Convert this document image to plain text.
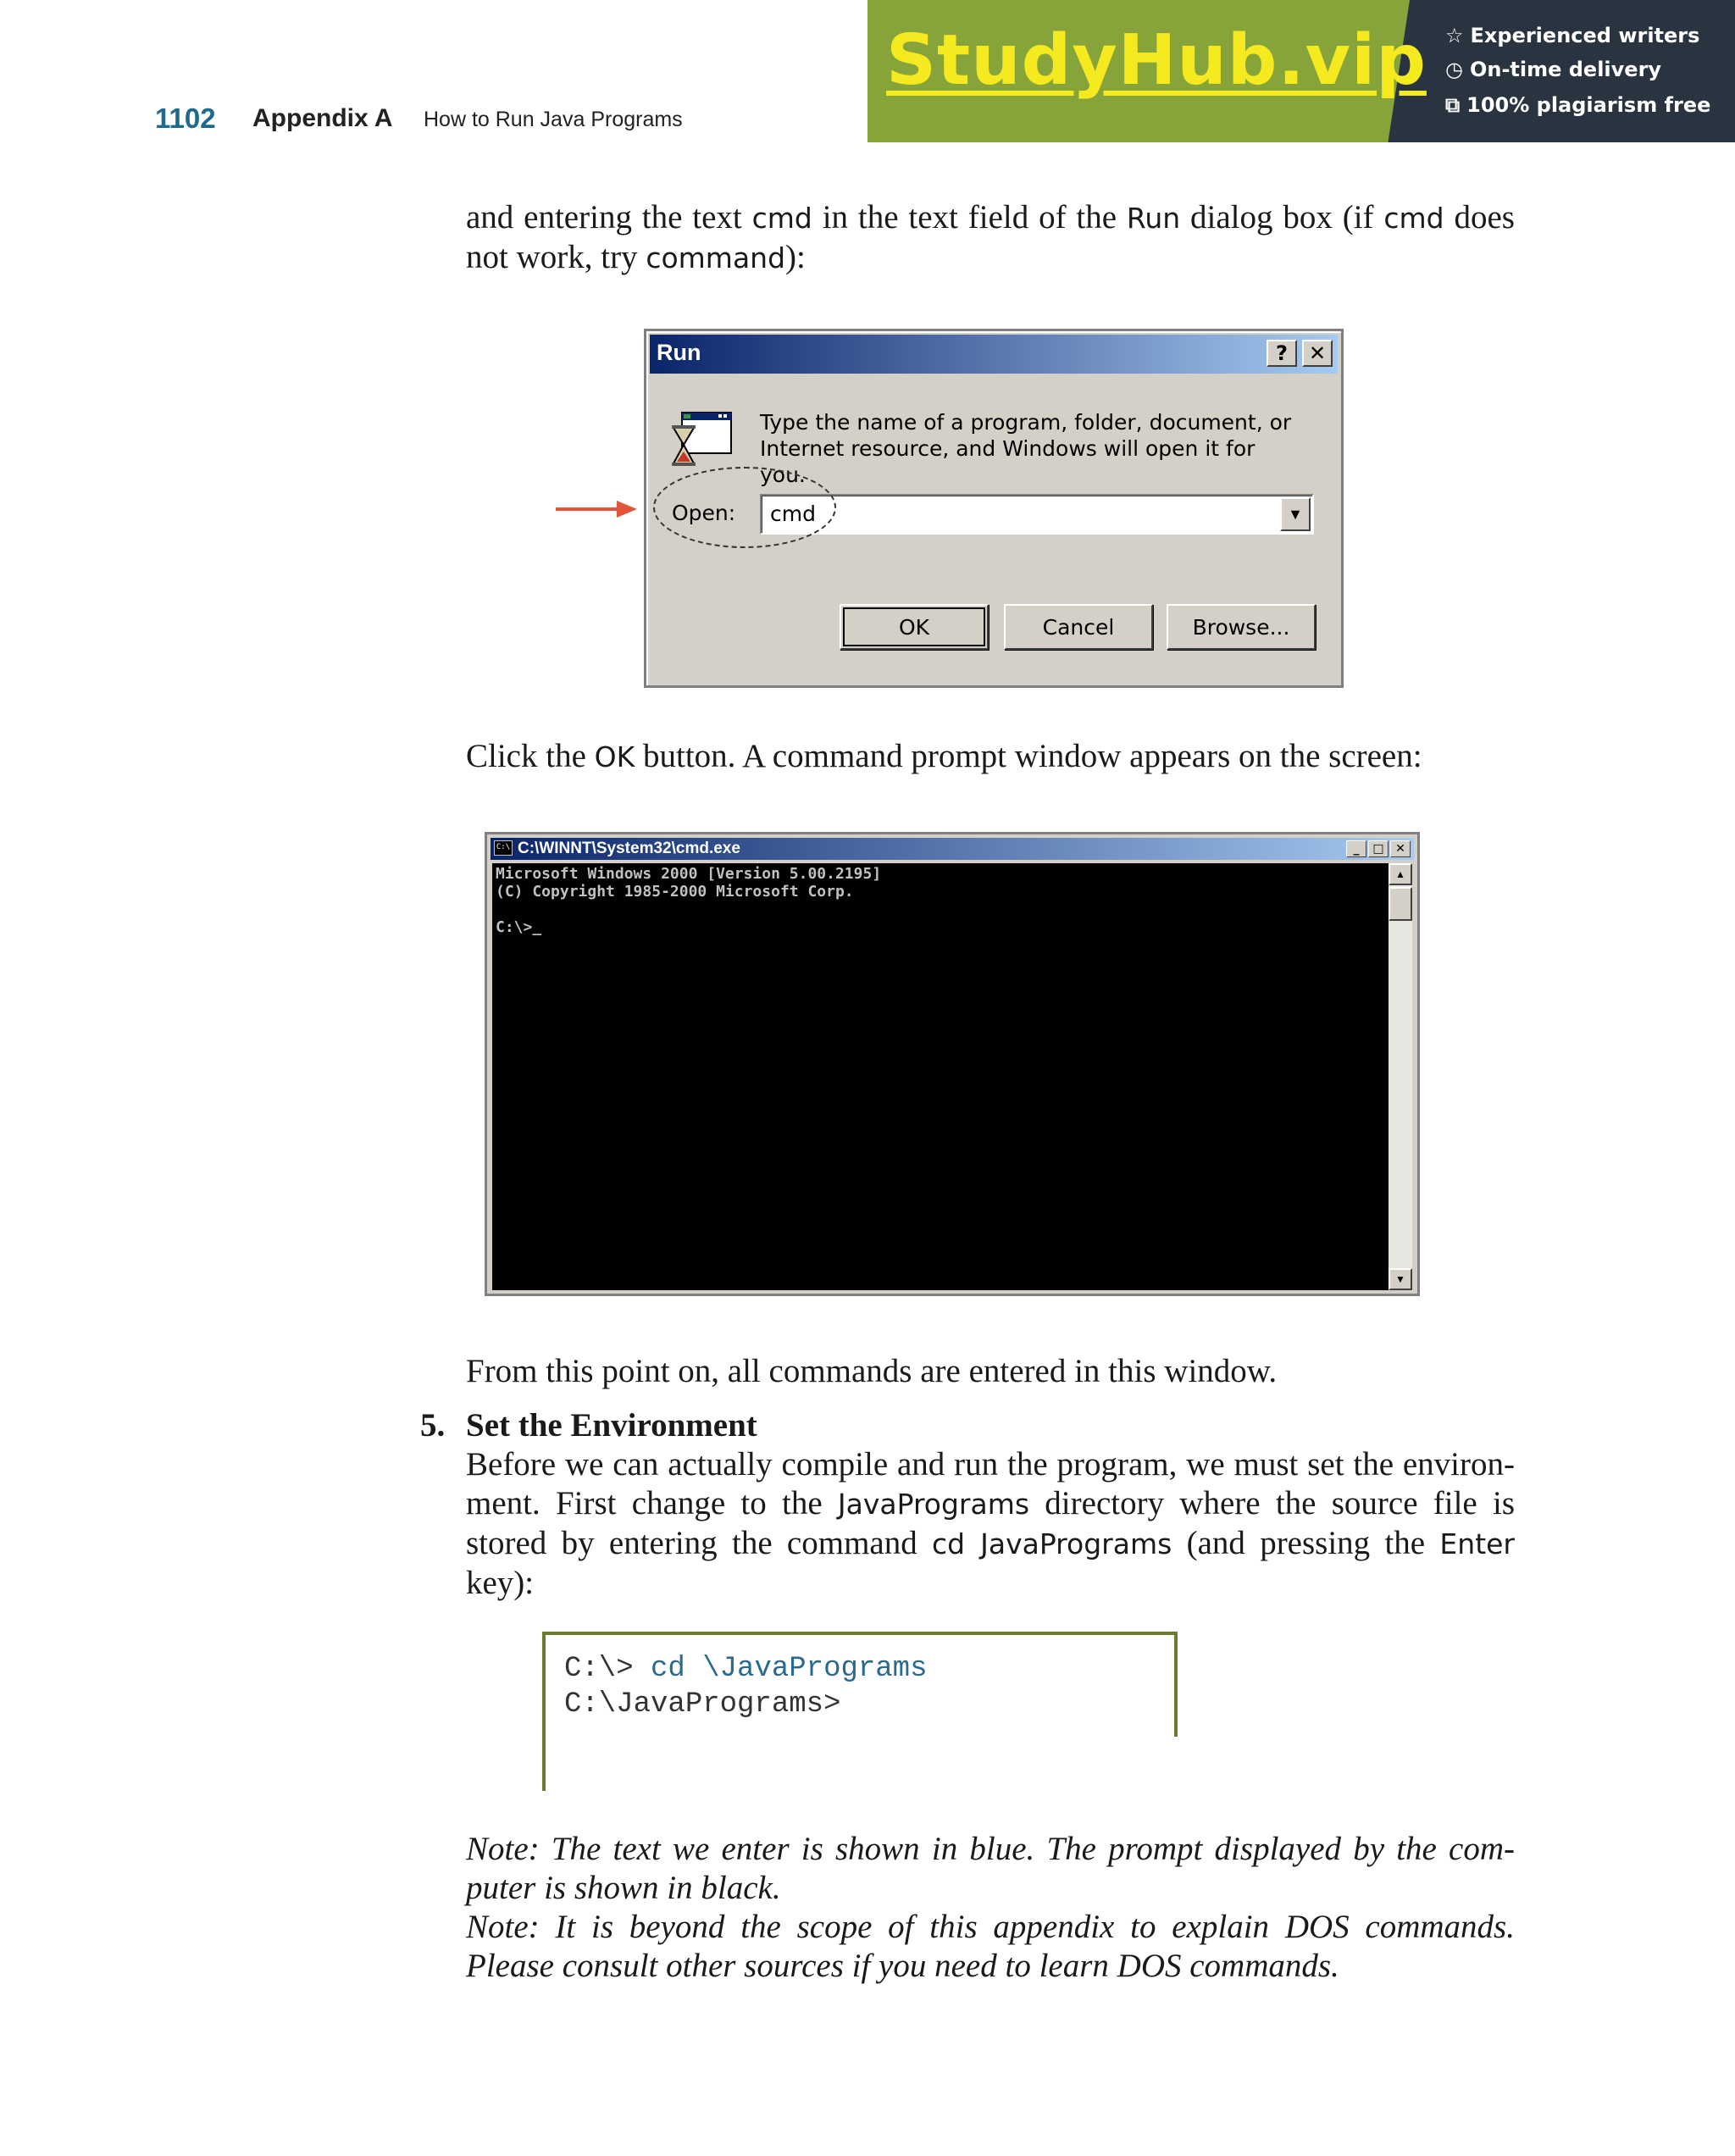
1102 Appendix A How to Run Java Programs
StudyHub.vip ☆ Experienced writers
◷ On-time delivery
⧉ 100% plagiarism free
and entering the text cmd in the text field of the Run dialog box (if cmd does not work, try command):
Run	?	✕
Type the name of a program, folder, document, or
Internet resource, and Windows will open it for you.
Open: cmd	▼
OK	Cancel	Browse...
Click the OK button. A command prompt window appears on the screen:
C:\ C:\WINNT\System32\cmd.exe	_	□ ✕
Microsoft Windows 2000 [Version 5.00.2195]
(C) Copyright 1985-2000 Microsoft Corp.

C:\>_
▲
▼
From this point on, all commands are entered in this window.
5. Set the Environment
Before we can actually compile and run the program, we must set the environ-ment. First change to the JavaPrograms directory where the source file is stored by entering the command cd JavaPrograms (and pressing the Enter key):
C:\> cd \JavaPrograms
C:\JavaPrograms>
Note: The text we enter is shown in blue. The prompt displayed by the com-puter is shown in black.
Note: It is beyond the scope of this appendix to explain DOS commands. Please consult other sources if you need to learn DOS commands.
